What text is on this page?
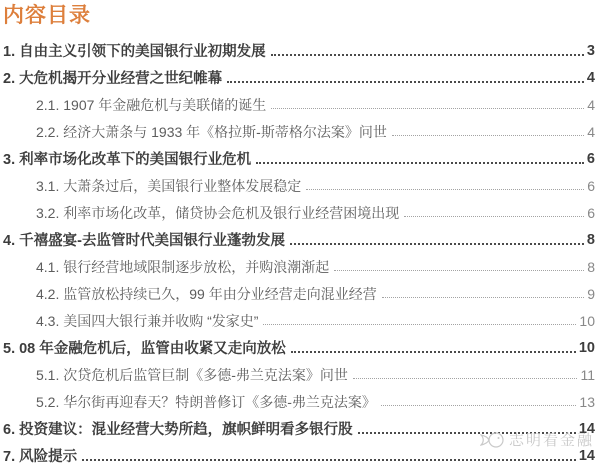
内容目录
1. 自由主义引领下的美国银行业初期发展	3
2. 大危机揭开分业经营之世纪帷幕	4
2.1. 1907 年金融危机与美联储的诞生	4
2.2. 经济大萧条与 1933 年《格拉斯-斯蒂格尔法案》问世	4
3. 利率市场化改革下的美国银行业危机	6
3.1. 大萧条过后，美国银行业整体发展稳定	6
3.2. 利率市场化改革，储贷协会危机及银行业经营困境出现	6
4. 千禧盛宴-去监管时代美国银行业蓬勃发展	8
4.1. 银行经营地域限制逐步放松，并购浪潮渐起	8
4.2. 监管放松持续已久，99 年由分业经营走向混业经营	9
4.3. 美国四大银行兼并收购 “发家史”	10
5. 08 年金融危机后，监管由收紧又走向放松	10
5.1. 次贷危机后监管巨制《多德-弗兰克法案》问世	11
5.2. 华尔街再迎春天？特朗普修订《多德-弗兰克法案》	13
6. 投资建议：混业经营大势所趋，旗帜鲜明看多银行股	14
7. 风险提示	14
志明看金融
